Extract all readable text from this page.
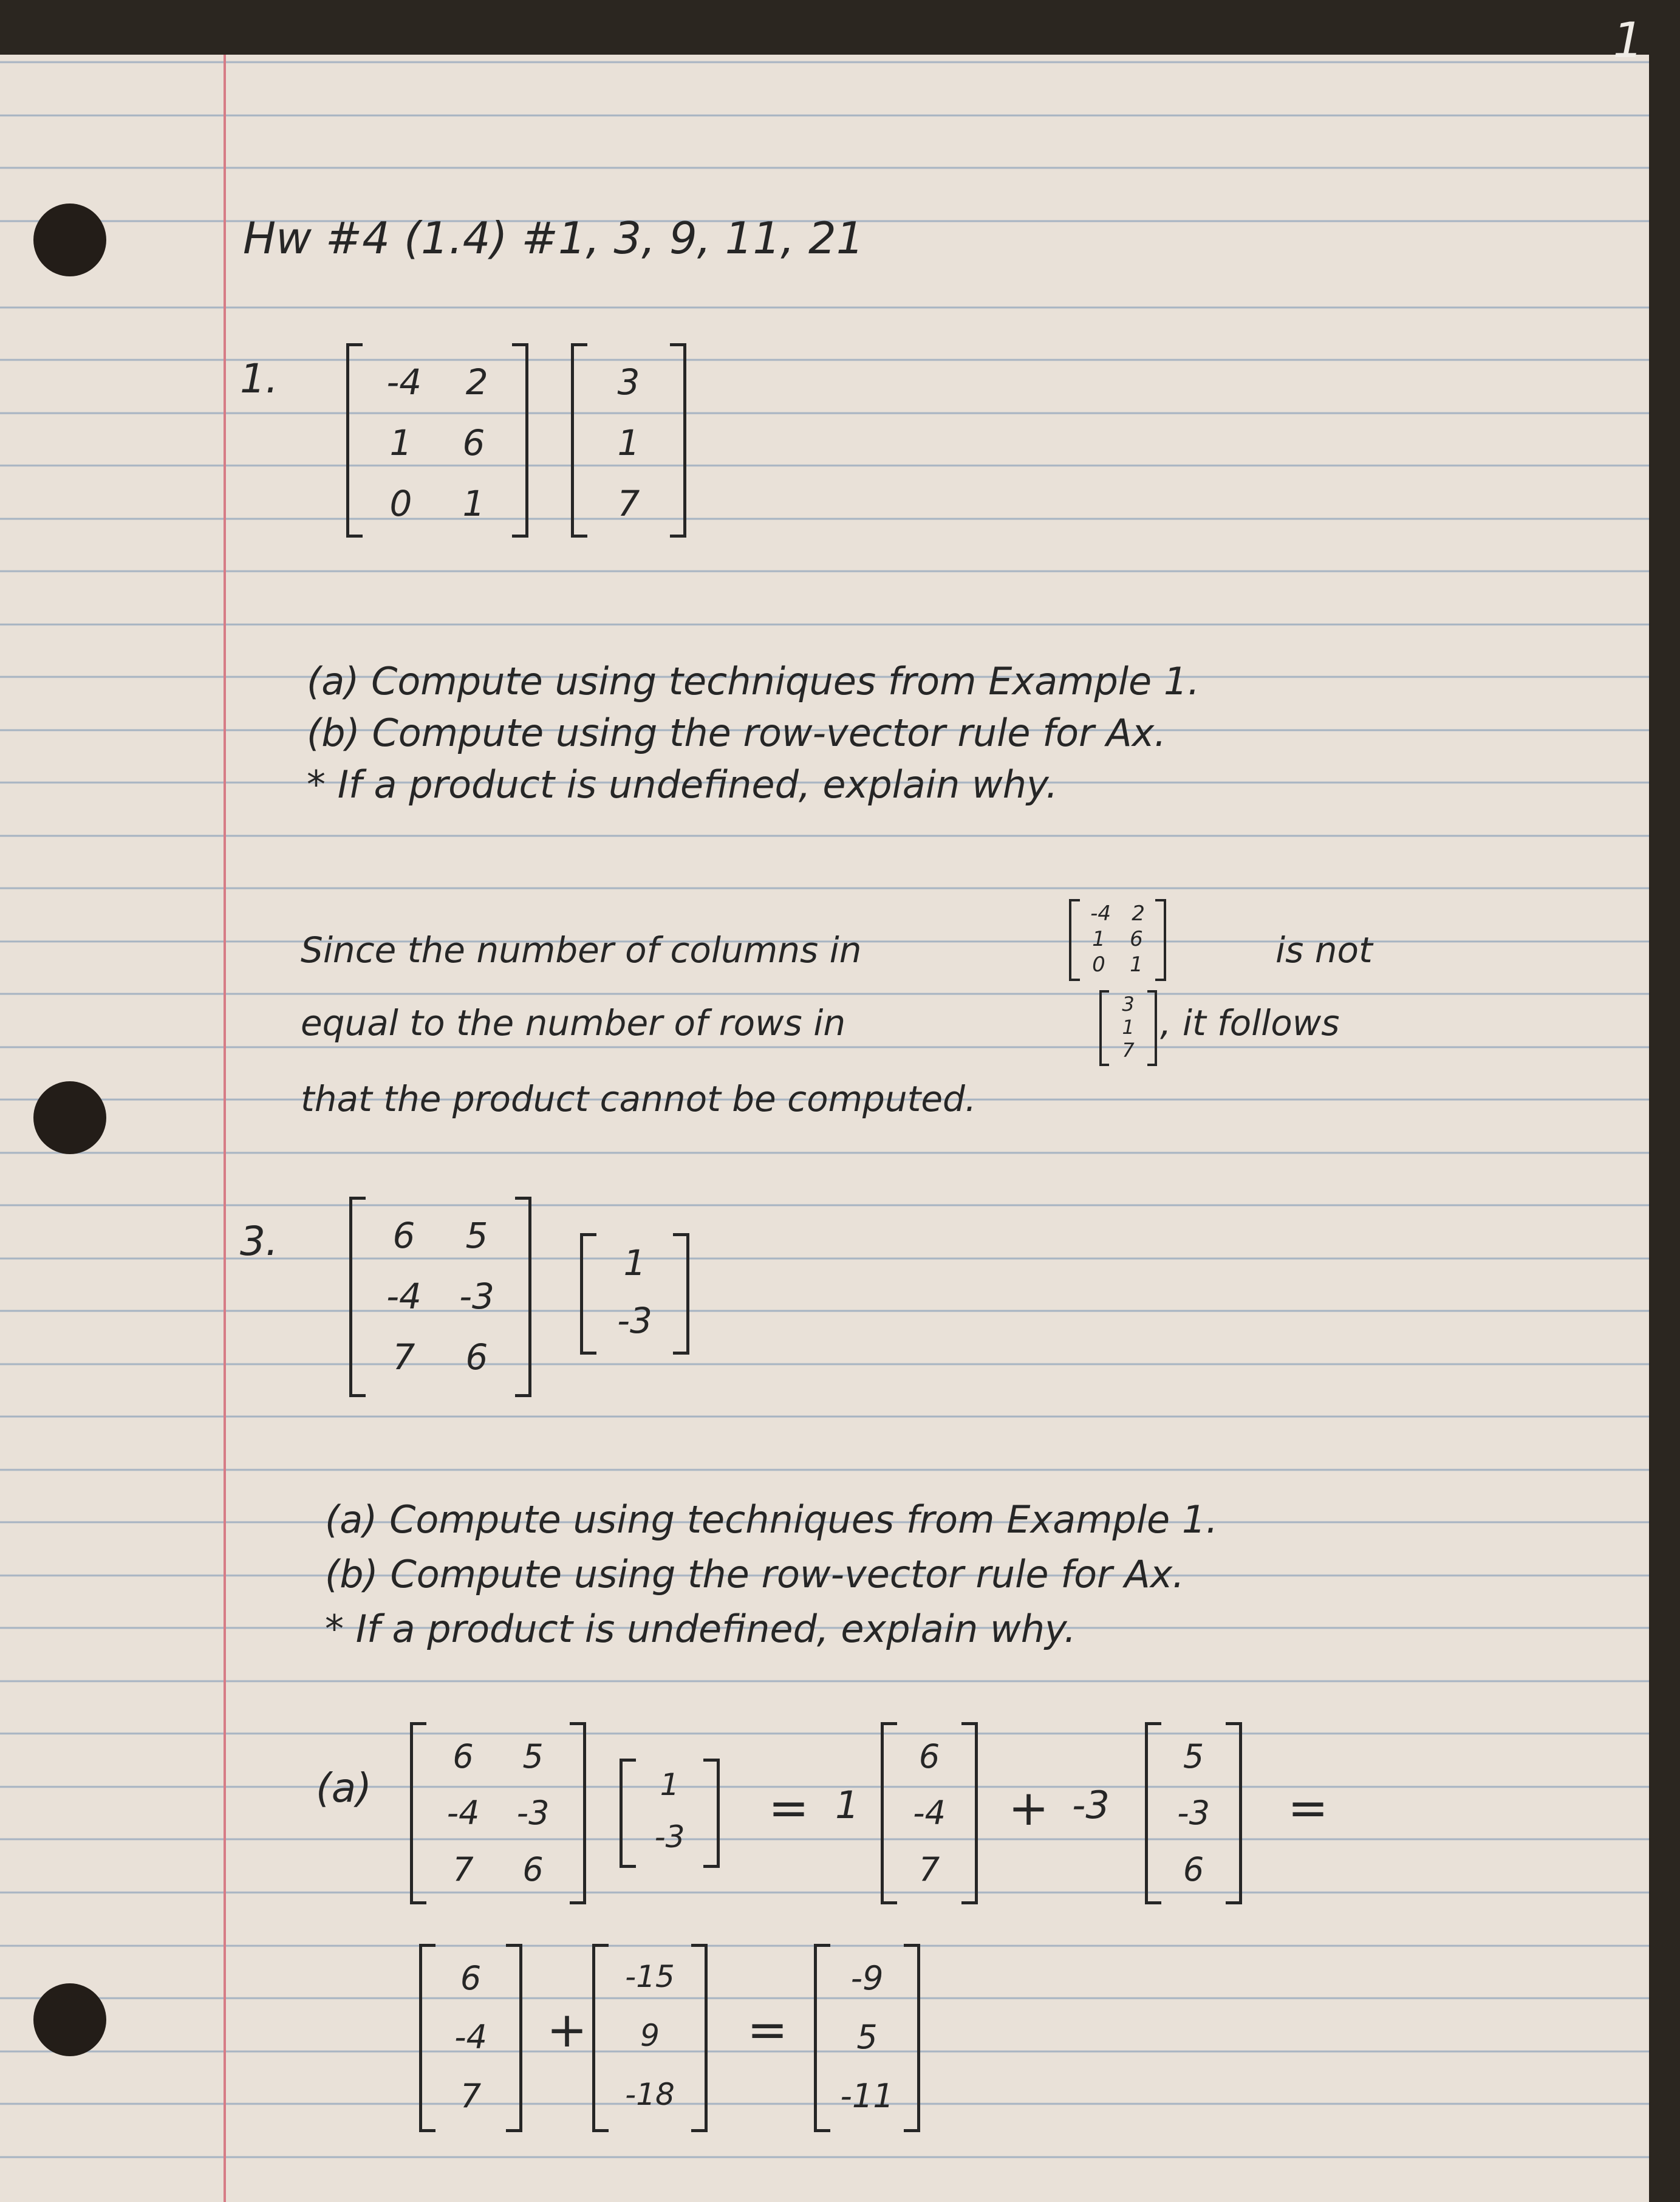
1
Hw #4 (1.4) #1, 3, 9, 11, 21
1.	-4 2
1 6
0 1
3
1
7
(a) Compute using techniques from Example 1.
(b) Compute using the row-vector rule for Ax.
* If a product is undefined, explain why.
Since the number of columns in
-4 2
1 6
0 1	is not
equal to the number of rows in	3
1
7
, it follows
that the product cannot be computed.
3.	6 5
-4 -3
7 6
1
-3
(a) Compute using techniques from Example 1.
(b) Compute using the row-vector rule for Ax.
* If a product is undefined, explain why.
(a)
6 5
-4 -3
7 6
1
-3
= 1
6
-4
7
+ -3
5
-3
6
=
6
-4
7
+
-15
9
-18
=
-9
5
-11
